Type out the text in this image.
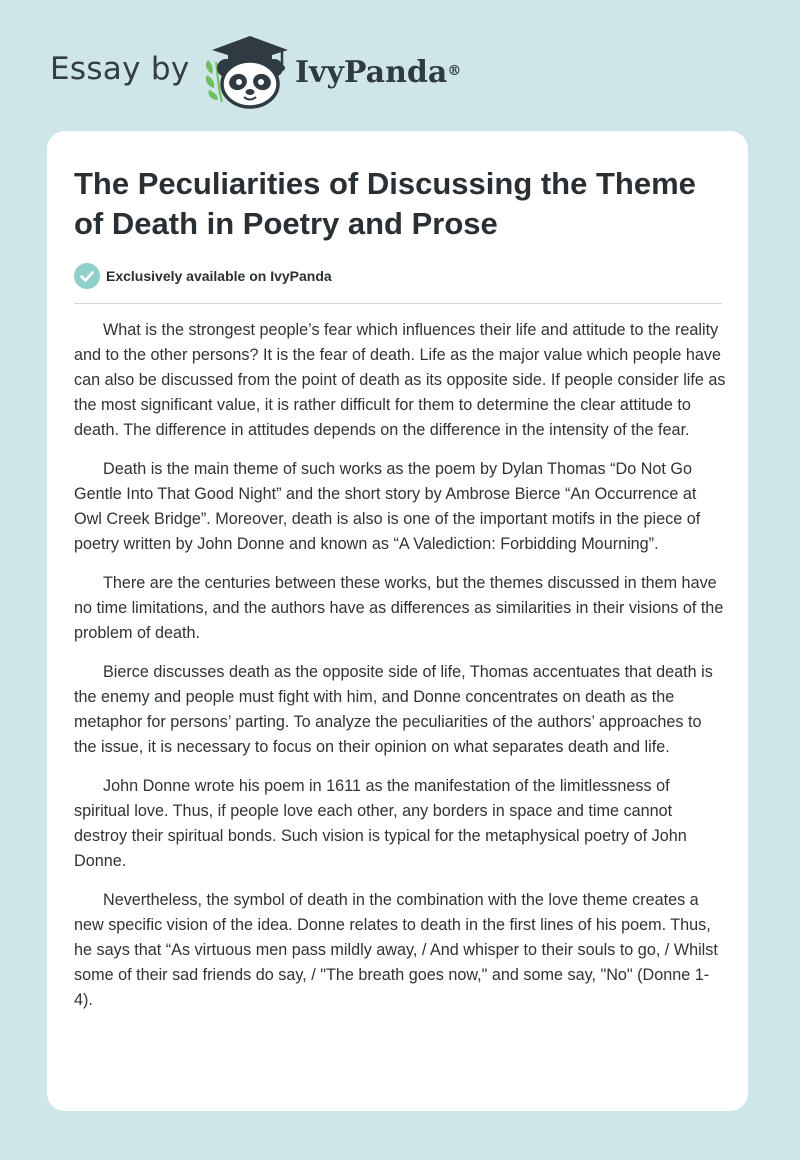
Essay by	IvyPanda®
The Peculiarities of Discussing the Theme of Death in Poetry and Prose
Exclusively available on IvyPanda

What is the strongest people’s fear which influences their life and attitude to the reality and to the other persons? It is the fear of death. Life as the major value which people have can also be discussed from the point of death as its opposite side. If people consider life as the most significant value, it is rather difficult for them to determine the clear attitude to death. The difference in attitudes depends on the difference in the intensity of the fear.

Death is the main theme of such works as the poem by Dylan Thomas “Do Not Go Gentle Into That Good Night” and the short story by Ambrose Bierce “An Occurrence at Owl Creek Bridge”. Moreover, death is also is one of the important motifs in the piece of poetry written by John Donne and known as “A Valediction: Forbidding Mourning”.

There are the centuries between these works, but the themes discussed in them have no time limitations, and the authors have as differences as similarities in their visions of the problem of death.

Bierce discusses death as the opposite side of life, Thomas accentuates that death is the enemy and people must fight with him, and Donne concentrates on death as the metaphor for persons’ parting. To analyze the peculiarities of the authors’ approaches to the issue, it is necessary to focus on their opinion on what separates death and life.

John Donne wrote his poem in 1611 as the manifestation of the limitlessness of spiritual love. Thus, if people love each other, any borders in space and time cannot destroy their spiritual bonds. Such vision is typical for the metaphysical poetry of John Donne.

Nevertheless, the symbol of death in the combination with the love theme creates a new specific vision of the idea. Donne relates to death in the first lines of his poem. Thus, he says that “As virtuous men pass mildly away, / And whisper to their souls to go, / Whilst some of their sad friends do say, / "The breath goes now," and some say, "No" (Donne 1-4).
